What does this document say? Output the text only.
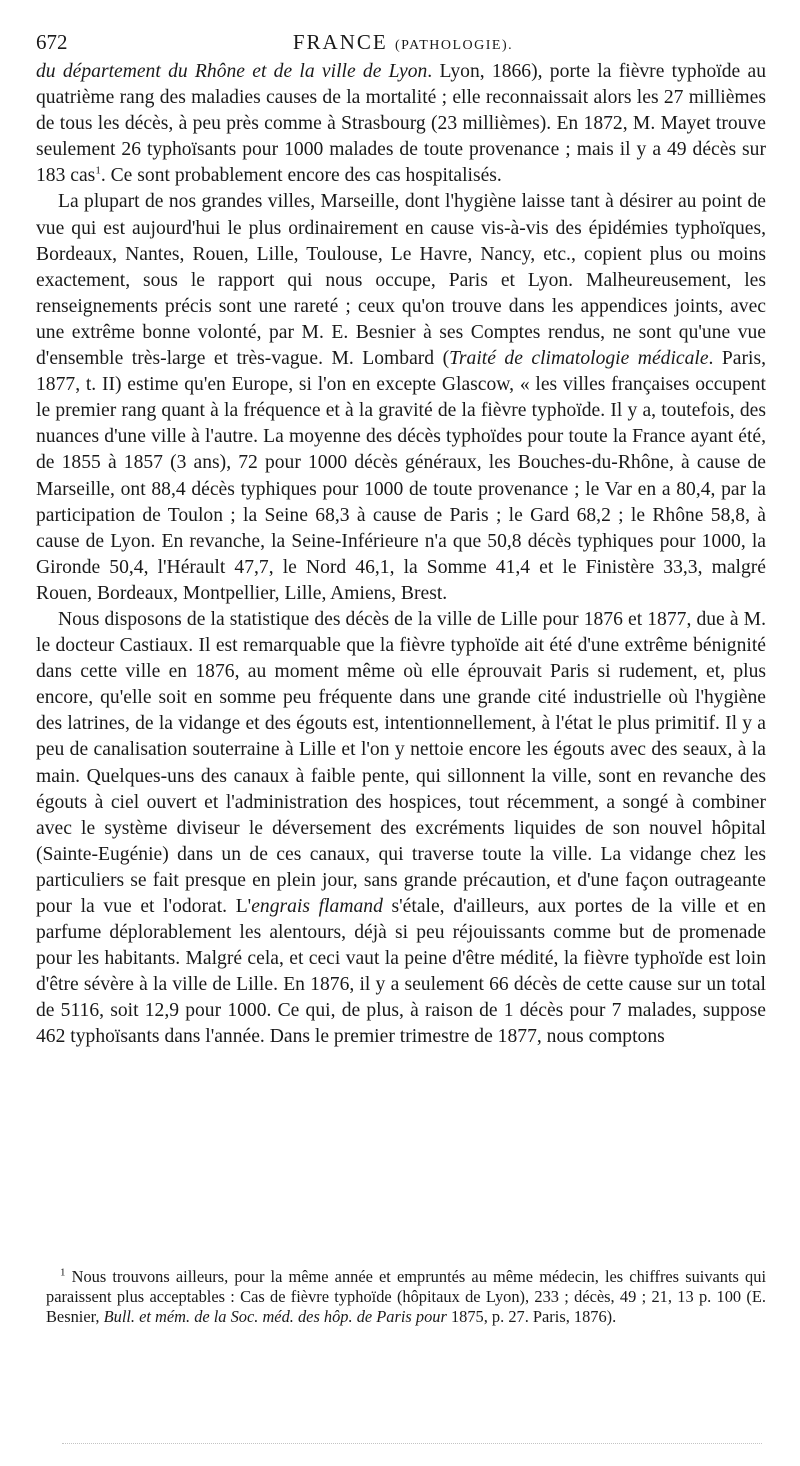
672	FRANCE (PATHOLOGIE).

du département du Rhône et de la ville de Lyon. Lyon, 1866), porte la fièvre typhoïde au quatrième rang des maladies causes de la mortalité ; elle reconnaissait alors les 27 millièmes de tous les décès, à peu près comme à Strasbourg (23 millièmes). En 1872, M. Mayet trouve seulement 26 typhoïsants pour 1000 malades de toute provenance ; mais il y a 49 décès sur 183 cas$^1$. Ce sont probablement encore des cas hospitalisés.

La plupart de nos grandes villes, Marseille, dont l'hygiène laisse tant à désirer au point de vue qui est aujourd'hui le plus ordinairement en cause vis-à-vis des épidémies typhoïques, Bordeaux, Nantes, Rouen, Lille, Toulouse, Le Havre, Nancy, etc., copient plus ou moins exactement, sous le rapport qui nous occupe, Paris et Lyon. Malheureusement, les renseignements précis sont une rareté ; ceux qu'on trouve dans les appendices joints, avec une extrême bonne volonté, par M. E. Besnier à ses Comptes rendus, ne sont qu'une vue d'ensemble très-large et très-vague. M. Lombard (Traité de climatologie médicale. Paris, 1877, t. II) estime qu'en Europe, si l'on en excepte Glascow, « les villes françaises occupent le premier rang quant à la fréquence et à la gravité de la fièvre typhoïde. Il y a, toutefois, des nuances d'une ville à l'autre. La moyenne des décès typhoïdes pour toute la France ayant été, de 1855 à 1857 (3 ans), 72 pour 1000 décès généraux, les Bouches-du-Rhône, à cause de Marseille, ont 88,4 décès typhiques pour 1000 de toute provenance ; le Var en a 80,4, par la participation de Toulon ; la Seine 68,3 à cause de Paris ; le Gard 68,2 ; le Rhône 58,8, à cause de Lyon. En revanche, la Seine-Inférieure n'a que 50,8 décès typhiques pour 1000, la Gironde 50,4, l'Hérault 47,7, le Nord 46,1, la Somme 41,4 et le Finistère 33,3, malgré Rouen, Bordeaux, Montpellier, Lille, Amiens, Brest.

Nous disposons de la statistique des décès de la ville de Lille pour 1876 et 1877, due à M. le docteur Castiaux. Il est remarquable que la fièvre typhoïde ait été d'une extrême bénignité dans cette ville en 1876, au moment même où elle éprouvait Paris si rudement, et, plus encore, qu'elle soit en somme peu fréquente dans une grande cité industrielle où l'hygiène des latrines, de la vidange et des égouts est, intentionnellement, à l'état le plus primitif. Il y a peu de canalisation souterraine à Lille et l'on y nettoie encore les égouts avec des seaux, à la main. Quelques-uns des canaux à faible pente, qui sillonnent la ville, sont en revanche des égouts à ciel ouvert et l'administration des hospices, tout récemment, a songé à combiner avec le système diviseur le déversement des excréments liquides de son nouvel hôpital (Sainte-Eugénie) dans un de ces canaux, qui traverse toute la ville. La vidange chez les particuliers se fait presque en plein jour, sans grande précaution, et d'une façon outrageante pour la vue et l'odorat. L'engrais flamand s'étale, d'ailleurs, aux portes de la ville et en parfume déplorablement les alentours, déjà si peu réjouissants comme but de promenade pour les habitants. Malgré cela, et ceci vaut la peine d'être médité, la fièvre typhoïde est loin d'être sévère à la ville de Lille. En 1876, il y a seulement 66 décès de cette cause sur un total de 5116, soit 12,9 pour 1000. Ce qui, de plus, à raison de 1 décès pour 7 malades, suppose 462 typhoïsants dans l'année. Dans le premier trimestre de 1877, nous comptons

$^1$ Nous trouvons ailleurs, pour la même année et empruntés au même médecin, les chiffres suivants qui paraissent plus acceptables : Cas de fièvre typhoïde (hôpitaux de Lyon), 233 ; décès, 49 ; 21, 13 p. 100 (E. Besnier, Bull. et mém. de la Soc. méd. des hôp. de Paris pour 1875, p. 27. Paris, 1876).
